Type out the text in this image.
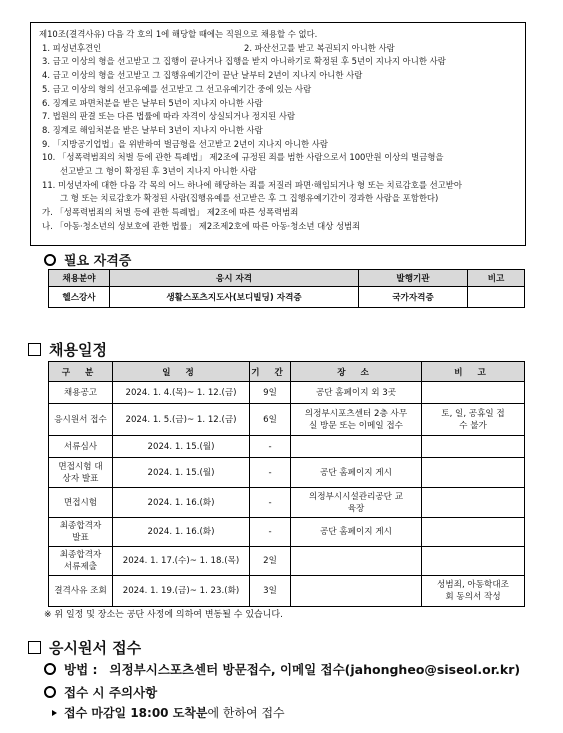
제10조(결격사유) 다음 각 호의 1에 해당할 때에는 직원으로 채용할 수 없다.
1. 피성년후견인	2. 파산선고를 받고 복권되지 아니한 사람
3. 금고 이상의 형을 선고받고 그 집행이 끝나거나 집행을 받지 아니하기로 확정된 후 5년이 지나지 아니한 사람
4. 금고 이상의 형을 선고받고 그 집행유예기간이 끝난 날부터 2년이 지나지 아니한 사람
5. 금고 이상의 형의 선고유예를 선고받고 그 선고유예기간 중에 있는 사람
6. 징계로 파면처분을 받은 날부터 5년이 지나지 아니한 사람
7. 법원의 판결 또는 다른 법률에 따라 자격이 상실되거나 정지된 사람
8. 징계로 해임처분을 받은 날부터 3년이 지나지 아니한 사람
9. 「지방공기업법」을 위반하여 벌금형을 선고받고 2년이 지나지 아니한 사람
10. 「성폭력범죄의 처벌 등에 관한 특례법」 제2조에 규정된 죄를 범한 사람으로서 100만원 이상의 벌금형을
선고받고 그 형이 확정된 후 3년이 지나지 아니한 사람
11. 미성년자에 대한 다음 각 목의 어느 하나에 해당하는 죄를 저질러 파면·해임되거나 형 또는 치료감호를 선고받아
그 형 또는 치료감호가 확정된 사람(집행유예를 선고받은 후 그 집행유예기간이 경과한 사람을 포함한다)
가. 「성폭력범죄의 처벌 등에 관한 특례법」 제2조에 따른 성폭력범죄
나. 「아동·청소년의 성보호에 관한 법률」 제2조제2호에 따른 아동·청소년 대상 성범죄
필요 자격증
채용분야	응시 자격	발행기관	비고
헬스강사	생활스포츠지도사(보디빌딩) 자격증	국가자격증	
채용일정
구 분	일 정	기 간	장 소	비 고
채용공고	2024. 1. 4.(목)~ 1. 12.(금)	9일	공단 홈페이지 외 3곳	
응시원서 접수	2024. 1. 5.(금)~ 1. 12.(금)	6일	의정부시포츠센터 2층 사무실 방문 또는 이메일 접수	토, 일, 공휴일 접수 불가
서류심사	2024. 1. 15.(월)	-		
면접시험 대상자 발표	2024. 1. 15.(월)	-	공단 홈페이지 게시	
면접시험	2024. 1. 16.(화)	-	의정부시시설관리공단 교육장	
최종합격자 발표	2024. 1. 16.(화)	-	공단 홈페이지 게시	
최종합격자 서류제출	2024. 1. 17.(수)~ 1. 18.(목)	2일		
결격사유 조회	2024. 1. 19.(금)~ 1. 23.(화)	3일		성범죄, 아동학대조회 동의서 작성
※ 위 일정 및 장소는 공단 사정에 의하여 변동될 수 있습니다.
응시원서 접수
방법 : 의정부시스포츠센터 방문접수, 이메일 접수(jahongheo@siseol.or.kr)
접수 시 주의사항
접수 마감일 18:00 도착분 에 한하여 접수
